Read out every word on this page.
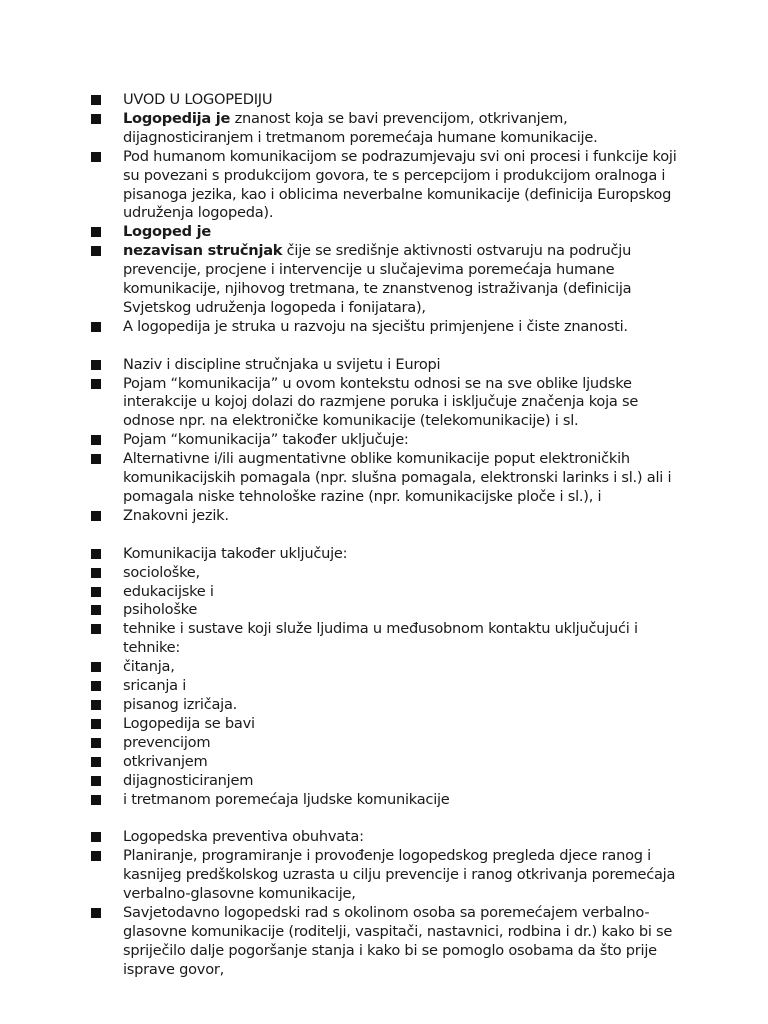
UVOD U LOGOPEDIJU
Logopedija je znanost koja se bavi prevencijom, otkrivanjem, dijagnosticiranjem i tretmanom poremećaja humane komunikacije.
Pod humanom komunikacijom se podrazumjevaju svi oni procesi i funkcije koji su povezani s produkcijom govora, te s percepcijom i produkcijom oralnoga i pisanoga jezika, kao i oblicima neverbalne komunikacije (definicija Europskog udruženja logopeda).
Logoped je
nezavisan stručnjak čije se središnje aktivnosti ostvaruju na području prevencije, procjene i intervencije u slučajevima poremećaja humane komunikacije, njihovog tretmana, te znanstvenog istraživanja (definicija Svjetskog udruženja logopeda i fonijatara),
A logopedija je struka u razvoju na sjecištu primjenjene i čiste znanosti.
Naziv i discipline stručnjaka u svijetu i Europi
Pojam “komunikacija” u ovom kontekstu odnosi se na sve oblike ljudske interakcije u kojoj dolazi do razmjene poruka i isključuje značenja koja se odnose npr. na elektroničke komunikacije (telekomunikacije) i sl.
Pojam “komunikacija” također uključuje:
Alternativne i/ili augmentativne oblike komunikacije poput elektroničkih komunikacijskih pomagala (npr. slušna pomagala, elektronski larinks i sl.) ali i pomagala niske tehnološke razine (npr. komunikacijske ploče i sl.), i
Znakovni jezik.
Komunikacija također uključuje:
sociološke,
edukacijske i
psihološke
tehnike i sustave koji služe ljudima u međusobnom kontaktu uključujući i tehnike:
čitanja,
sricanja i
pisanog izričaja.
Logopedija se bavi
prevencijom
otkrivanjem
dijagnosticiranjem
i tretmanom poremećaja ljudske komunikacije
Logopedska preventiva obuhvata:
Planiranje, programiranje i provođenje logopedskog pregleda djece ranog i kasnijeg predškolskog uzrasta u cilju prevencije i ranog otkrivanja poremećaja verbalno-glasovne komunikacije,
Savjetodavno logopedski rad s okolinom osoba sa poremećajem verbalno-glasovne komunikacije (roditelji, vaspitači, nastavnici, rodbina i dr.) kako bi se spriječilo dalje pogoršanje stanja i kako bi se pomoglo osobama da što prije isprave govor,
